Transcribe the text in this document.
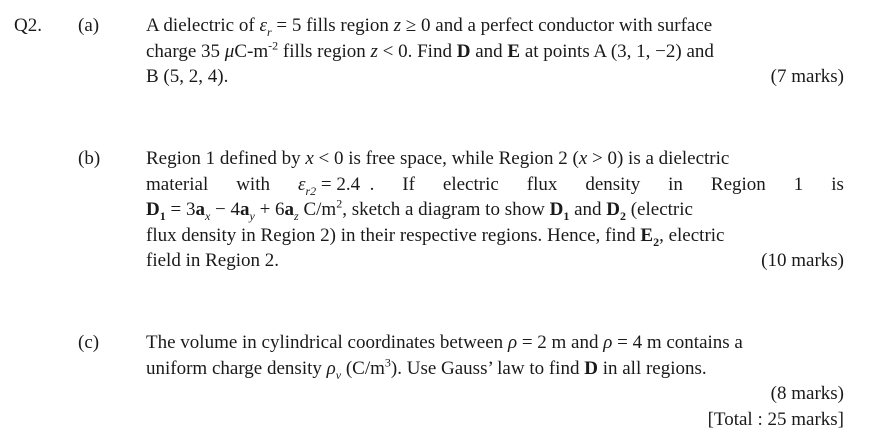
Q2. (a) A dielectric of $\varepsilon_r = 5$ fills region z ≥ 0 and a perfect conductor with surface
charge 35 $\mu C-m^{-2}$ fills region z < 0. Find D and E at points A (3, 1, −2) and
B (5, 2, 4).	(7 marks)
(b) Region 1 defined by x < 0 is free space, while Region 2 (x > 0) is a dielectric
material with $\varepsilon_{r2} = 2.4$  . If electric flux density in Region 1 is
$D_1 = 3a_x - 4a_y + 6a_z$ $C/m^2$, sketch a diagram to show $D_1$ and $D_2$ (electric
flux density in Region 2) in their respective regions. Hence, find $E_2$, electric
field in Region 2.	(10 marks)
(c) The volume in cylindrical coordinates between ρ = 2 m and ρ = 4 m contains a
uniform charge density $\rho_v$ $(C/m^3)$. Use Gauss’ law to find D in all regions.
(8 marks)
[Total : 25 marks]
